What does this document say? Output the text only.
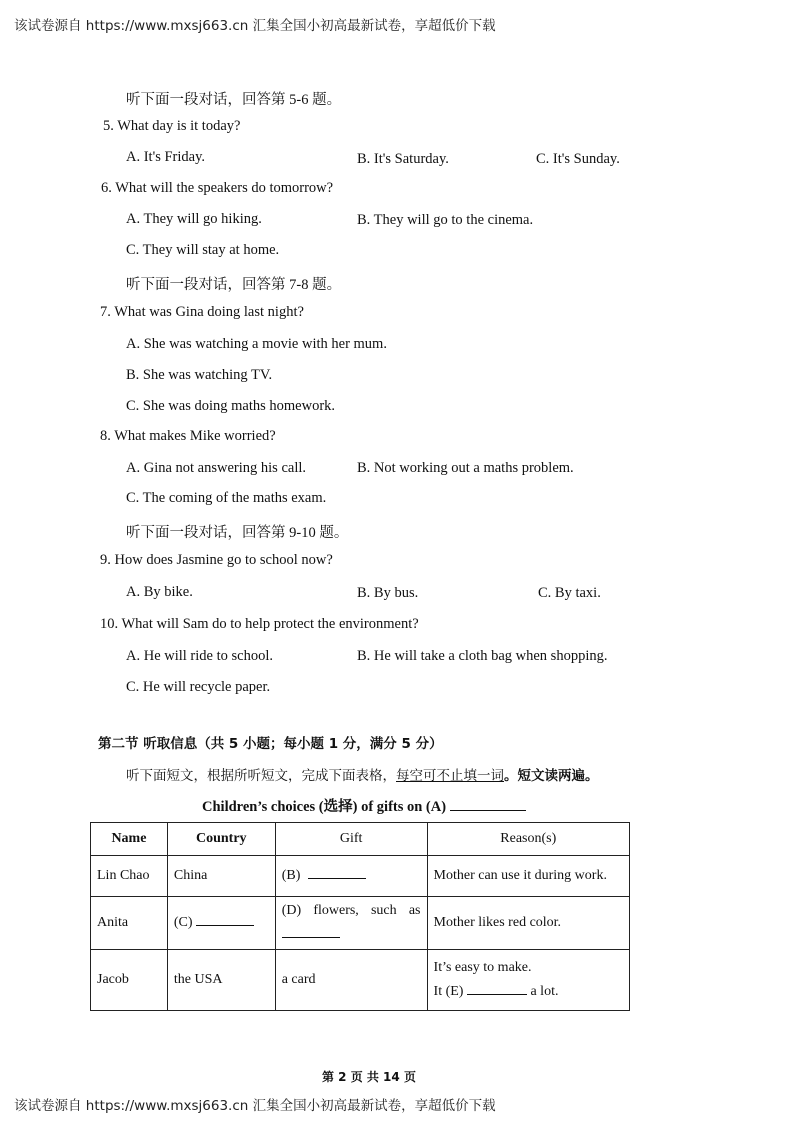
该试卷源自 https://www.mxsj663.cn 汇集全国小初高最新试卷，享超低价下载
听下面一段对话，回答第 5-6 题。
5. What day is it today?
A. It's Friday.	B. It's Saturday.	C. It's Sunday.
6. What will the speakers do tomorrow?
A. They will go hiking.	B. They will go to the cinema.
C. They will stay at home.
听下面一段对话，回答第 7-8 题。
7. What was Gina doing last night?
A. She was watching a movie with her mum.
B. She was watching TV.
C. She was doing maths homework.
8. What makes Mike worried?
A. Gina not answering his call.	B. Not working out a maths problem.
C. The coming of the maths exam.
听下面一段对话，回答第 9-10 题。
9. How does Jasmine go to school now?
A. By bike.	B. By bus.	C. By taxi.
10. What will Sam do to help protect the environment?
A. He will ride to school.	B. He will take a cloth bag when shopping.
C. He will recycle paper.
第二节 听取信息（共 5 小题；每小题 1 分，满分 5 分）
听下面短文，根据所听短文，完成下面表格，每空可不止填一词。短文读两遍。
Children’s choices (选择) of gifts on (A)
Name	Country	Gift	Reason(s)
Lin Chao	China	(B)	Mother can use it during work.
Anita	(C)	(D) flowers, such as	Mother likes red color.
Jacob	the USA	a card	It’s easy to make.
It (E) a lot.
第 2 页 共 14 页
该试卷源自 https://www.mxsj663.cn 汇集全国小初高最新试卷，享超低价下载
